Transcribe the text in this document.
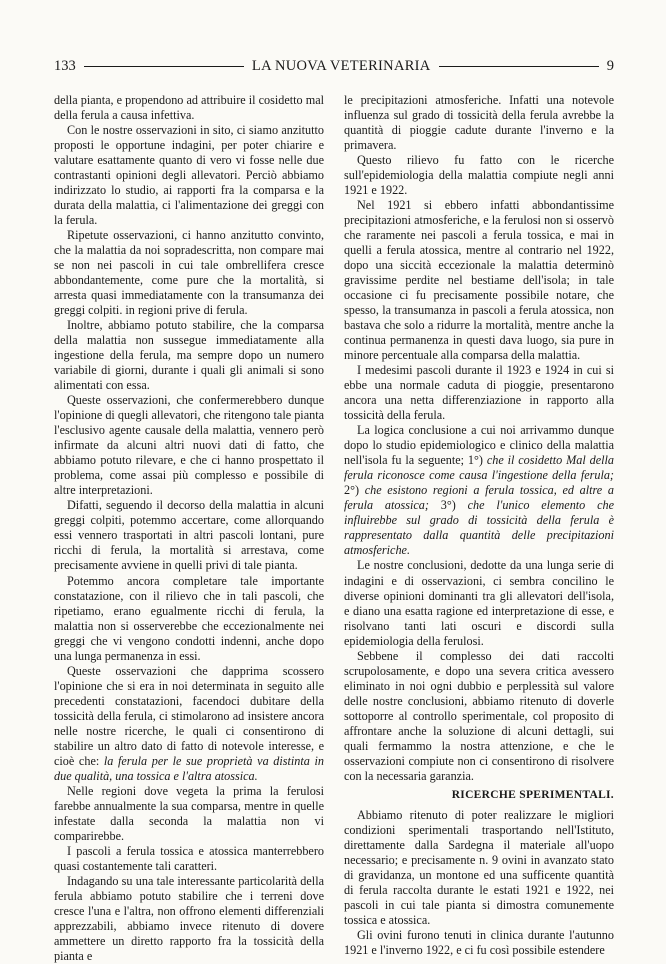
133	LA NUOVA VETERINARIA	9

della pianta, e propendono ad attribuire il cosidetto mal della ferula a causa infettiva.

Con le nostre osservazioni in sito, ci siamo anzitutto proposti le opportune indagini, per poter chiarire e valutare esattamente quanto di vero vi fosse nelle due contrastanti opinioni degli allevatori. Perciò abbiamo indirizzato lo studio, ai rapporti fra la comparsa e la durata della malattia, ci l'alimentazione dei greggi con la ferula.

Ripetute osservazioni, ci hanno anzitutto convinto, che la malattia da noi sopradescritta, non compare mai se non nei pascoli in cui tale ombrellifera cresce abbondantemente, come pure che la mortalità, si arresta quasi immediatamente con la transumanza dei greggi colpiti. in regioni prive di ferula.

Inoltre, abbiamo potuto stabilire, che la comparsa della malattia non sussegue immediatamente alla ingestione della ferula, ma sempre dopo un numero variabile di giorni, durante i quali gli animali si sono alimentati con essa.

Queste osservazioni, che confermerebbero dunque l'opinione di quegli allevatori, che ritengono tale pianta l'esclusivo agente causale della malattia, vennero però infirmate da alcuni altri nuovi dati di fatto, che abbiamo potuto rilevare, e che ci hanno prospettato il problema, come assai più complesso e possibile di altre interpretazioni.

Difatti, seguendo il decorso della malattia in alcuni greggi colpiti, potemmo accertare, come allorquando essi vennero trasportati in altri pascoli lontani, pure ricchi di ferula, la mortalità si arrestava, come precisamente avviene in quelli privi di tale pianta.

Potemmo ancora completare tale importante constatazione, con il rilievo che in tali pascoli, che ripetiamo, erano egualmente ricchi di ferula, la malattia non si osserverebbe che eccezionalmente nei greggi che vi vengono condotti indenni, anche dopo una lunga permanenza in essi.

Queste osservazioni che dapprima scossero l'opinione che si era in noi determinata in seguito alle precedenti constatazioni, facendoci dubitare della tossicità della ferula, ci stimolarono ad insistere ancora nelle nostre ricerche, le quali ci consentirono di stabilire un altro dato di fatto di notevole interesse, e cioè che: la ferula per le sue proprietà va distinta in due qualità, una tossica e l'altra atossica.

Nelle regioni dove vegeta la prima la ferulosi farebbe annualmente la sua comparsa, mentre in quelle infestate dalla seconda la malattia non vi comparirebbe.

I pascoli a ferula tossica e atossica manterrebbero quasi costantemente tali caratteri.

Indagando su una tale interessante particolarità della ferula abbiamo potuto stabilire che i terreni dove cresce l'una e l'altra, non offrono elementi differenziali apprezzabili, abbiamo invece ritenuto di dovere ammettere un diretto rapporto fra la tossicità della pianta e

le precipitazioni atmosferiche. Infatti una notevole influenza sul grado di tossicità della ferula avrebbe la quantità di pioggie cadute durante l'inverno e la primavera.

Questo rilievo fu fatto con le ricerche sull'epidemiologia della malattia compiute negli anni 1921 e 1922.

Nel 1921 si ebbero infatti abbondantissime precipitazioni atmosferiche, e la ferulosi non si osservò che raramente nei pascoli a ferula tossica, e mai in quelli a ferula atossica, mentre al contrario nel 1922, dopo una siccità eccezionale la malattia determinò gravissime perdite nel bestiame dell'isola; in tale occasione ci fu precisamente possibile notare, che spesso, la transumanza in pascoli a ferula atossica, non bastava che solo a ridurre la mortalità, mentre anche la continua permanenza in questi dava luogo, sia pure in minore percentuale alla comparsa della malattia.

I medesimi pascoli durante il 1923 e 1924 in cui si ebbe una normale caduta di pioggie, presentarono ancora una netta differenziazione in rapporto alla tossicità della ferula.

La logica conclusione a cui noi arrivammo dunque dopo lo studio epidemiologico e clinico della malattia nell'isola fu la seguente; 1°) che il cosidetto Mal della ferula riconosce come causa l'ingestione della ferula; 2°) che esistono regioni a ferula tossica, ed altre a ferula atossica; 3°) che l'unico elemento che influirebbe sul grado di tossicità della ferula è rappresentato dalla quantità delle precipitazioni atmosferiche.

Le nostre conclusioni, dedotte da una lunga serie di indagini e di osservazioni, ci sembra concilino le diverse opinioni dominanti tra gli allevatori dell'isola, e diano una esatta ragione ed interpretazione di esse, e risolvano tanti lati oscuri e discordi sulla epidemiologia della ferulosi.

Sebbene il complesso dei dati raccolti scrupolosamente, e dopo una severa critica avessero eliminato in noi ogni dubbio e perplessità sul valore delle nostre conclusioni, abbiamo ritenuto di doverle sottoporre al controllo sperimentale, col proposito di affrontare anche la soluzione di alcuni dettagli, sui quali fermammo la nostra attenzione, e che le osservazioni compiute non ci consentirono di risolvere con la necessaria garanzia.

RICERCHE SPERIMENTALI.

Abbiamo ritenuto di poter realizzare le migliori condizioni sperimentali trasportando nell'Istituto, direttamente dalla Sardegna il materiale all'uopo necessario; e precisamente n. 9 ovini in avanzato stato di gravidanza, un montone ed una sufficente quantità di ferula raccolta durante le estati 1921 e 1922, nei pascoli in cui tale pianta si dimostra comunemente tossica e atossica.

Gli ovini furono tenuti in clinica durante l'autunno 1921 e l'inverno 1922, e ci fu così possibile estendere
